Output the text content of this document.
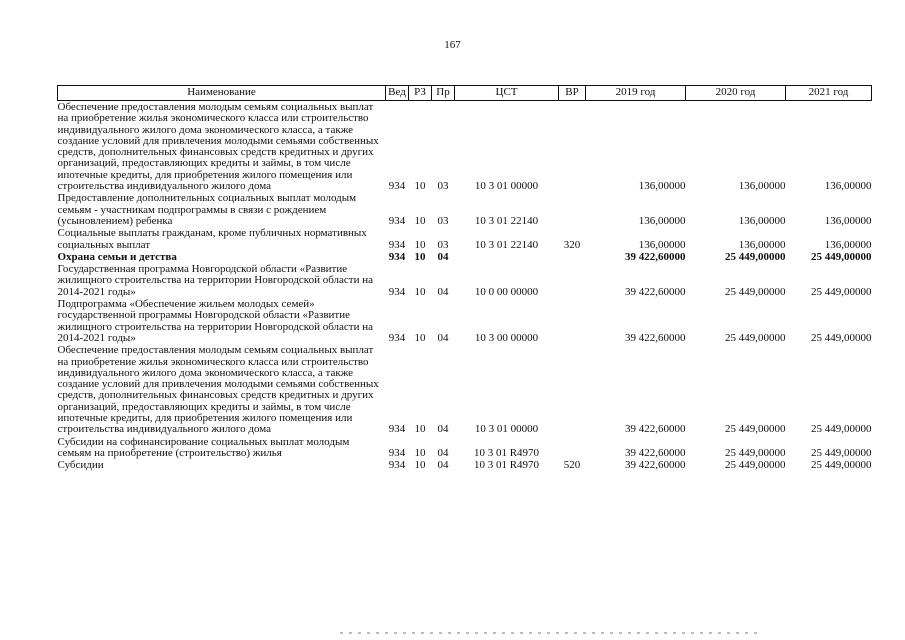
167
Наименование	Вед	РЗ	Пр	ЦСТ	ВР	2019 год	2020 год	2021 год
Обеспечение предоставления молодым семьям социальных выплат на приобретение жилья экономического класса или строительство индивидуального жилого дома экономического класса, а также создание условий для привлечения молодыми семьями собственных средств, дополнительных финансовых средств кредитных и других организаций, предоставляющих кредиты и займы, в том числе ипотечные кредиты, для приобретения жилого помещения или строительства индивидуального жилого дома	934	10	03	10 3 01 00000		136,00000	136,00000	136,00000
Предоставление дополнительных социальных выплат молодым семьям - участникам подпрограммы в связи с рождением (усыновлением) ребенка	934	10	03	10 3 01 22140		136,00000	136,00000	136,00000
Социальные выплаты гражданам, кроме публичных нормативных социальных выплат	934	10	03	10 3 01 22140	320	136,00000	136,00000	136,00000
Охрана семьи и детства	934	10	04			39 422,60000	25 449,00000	25 449,00000
Государственная программа Новгородской области «Развитие жилищного строительства на территории Новгородской области на 2014-2021 годы»	934	10	04	10 0 00 00000		39 422,60000	25 449,00000	25 449,00000
Подпрограмма «Обеспечение жильем молодых семей» государственной программы Новгородской области «Развитие жилищного строительства на территории Новгородской области на 2014-2021 годы»	934	10	04	10 3 00 00000		39 422,60000	25 449,00000	25 449,00000
Обеспечение предоставления молодым семьям социальных выплат на приобретение жилья экономического класса или строительство индивидуального жилого дома экономического класса, а также создание условий для привлечения молодыми семьями собственных средств, дополнительных финансовых средств кредитных и других организаций, предоставляющих кредиты и займы, в том числе ипотечные кредиты, для приобретения жилого помещения или строительства индивидуального жилого дома	934	10	04	10 3 01 00000		39 422,60000	25 449,00000	25 449,00000
Субсидии на софинансирование социальных выплат молодым семьям на приобретение (строительство) жилья	934	10	04	10 3 01 R4970		39 422,60000	25 449,00000	25 449,00000
Субсидии	934	10	04	10 3 01 R4970	520	39 422,60000	25 449,00000	25 449,00000
